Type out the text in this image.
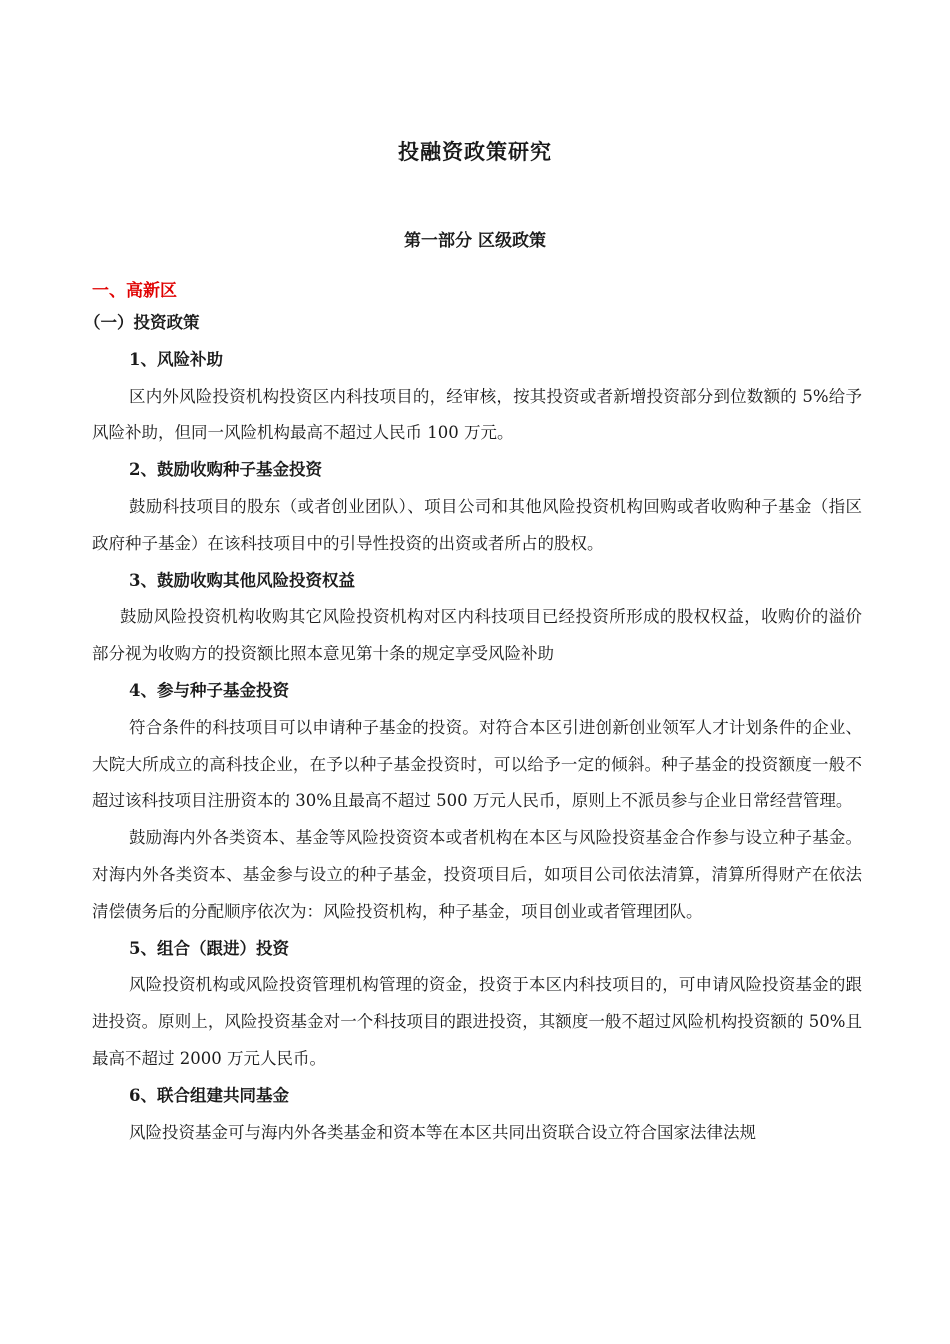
投融资政策研究
第一部分 区级政策
一、高新区
（一）投资政策
1、风险补助
区内外风险投资机构投资区内科技项目的，经审核，按其投资或者新增投资部分到位数额的 5%给予风险补助，但同一风险机构最高不超过人民币 100 万元。
2、鼓励收购种子基金投资
鼓励科技项目的股东（或者创业团队）、项目公司和其他风险投资机构回购或者收购种子基金（指区政府种子基金）在该科技项目中的引导性投资的出资或者所占的股权。
3、鼓励收购其他风险投资权益
鼓励风险投资机构收购其它风险投资机构对区内科技项目已经投资所形成的股权权益，收购价的溢价部分视为收购方的投资额比照本意见第十条的规定享受风险补助
4、参与种子基金投资
符合条件的科技项目可以申请种子基金的投资。对符合本区引进创新创业领军人才计划条件的企业、大院大所成立的高科技企业，在予以种子基金投资时，可以给予一定的倾斜。种子基金的投资额度一般不超过该科技项目注册资本的 30%且最高不超过 500 万元人民币，原则上不派员参与企业日常经营管理。
鼓励海内外各类资本、基金等风险投资资本或者机构在本区与风险投资基金合作参与设立种子基金。对海内外各类资本、基金参与设立的种子基金，投资项目后，如项目公司依法清算，清算所得财产在依法清偿债务后的分配顺序依次为：风险投资机构，种子基金，项目创业或者管理团队。
5、组合（跟进）投资
风险投资机构或风险投资管理机构管理的资金，投资于本区内科技项目的，可申请风险投资基金的跟进投资。原则上，风险投资基金对一个科技项目的跟进投资，其额度一般不超过风险机构投资额的 50%且最高不超过 2000 万元人民币。
6、联合组建共同基金
风险投资基金可与海内外各类基金和资本等在本区共同出资联合设立符合国家法律法规
